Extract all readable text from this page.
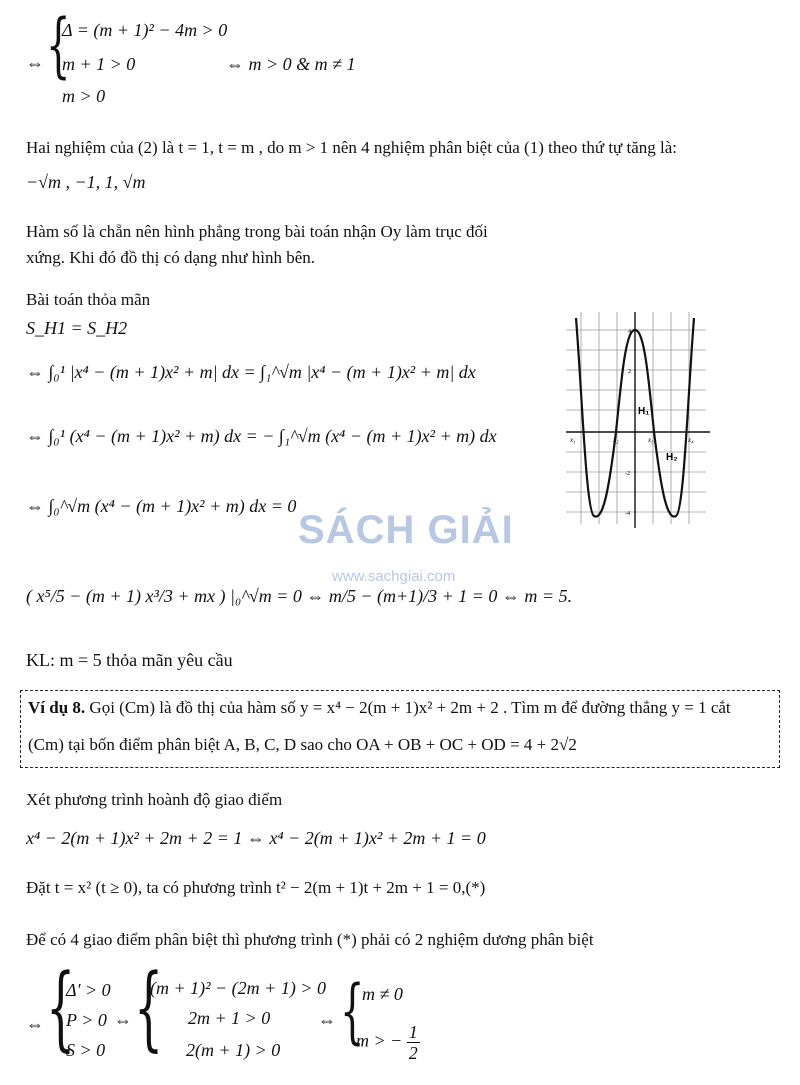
⇔ {
Δ = (m + 1)² − 4m > 0
m + 1 > 0
m > 0
⇔ m > 0 & m ≠ 1
Hai nghiệm của (2) là t = 1, t = m , do m > 1 nên 4 nghiệm phân biệt của (1) theo thứ tự tăng là:
−√m , −1, 1, √m
Hàm số là chẵn nên hình phẳng trong bài toán nhận Oy làm trục đối
xứng. Khi đó đồ thị có dạng như hình bên.
Bài toán thỏa mãn
S_H1 = S_H2
⇔ ∫₀¹ |x⁴ − (m + 1)x² + m| dx = ∫₁^√m |x⁴ − (m + 1)x² + m| dx
⇔ ∫₀¹ (x⁴ − (m + 1)x² + m) dx = − ∫₁^√m (x⁴ − (m + 1)x² + m) dx
⇔ ∫₀^√m (x⁴ − (m + 1)x² + m) dx = 0
( x⁵/5 − (m + 1) x³/3 + mx ) |₀^√m = 0 ⇔ m/5 − (m+1)/3 + 1 = 0 ⇔ m = 5.
KL: m = 5 thỏa mãn yêu cầu
H₁
H₂
x₁	x₂	x₃	x₄
4
2
-2
-4
SÁCH GIẢI
www.sachgiai.com
Ví dụ 8. Gọi (Cm) là đồ thị của hàm số y = x⁴ − 2(m + 1)x² + 2m + 2 . Tìm m để đường thẳng y = 1 cắt
(Cm) tại bốn điểm phân biệt A, B, C, D sao cho OA + OB + OC + OD = 4 + 2√2
Xét phương trình hoành độ giao điểm
x⁴ − 2(m + 1)x² + 2m + 2 = 1 ⇔ x⁴ − 2(m + 1)x² + 2m + 1 = 0
Đặt t = x² (t ≥ 0), ta có phương trình t² − 2(m + 1)t + 2m + 1 = 0,(*)
Để có 4 giao điểm phân biệt thì phương trình (*) phải có 2 nghiệm dương phân biệt
⇔ {
Δ′ > 0
P > 0
S > 0
⇔ {
(m + 1)² − (2m + 1) > 0
2m + 1 > 0
2(m + 1) > 0
⇔ {
m ≠ 0
m > − $\frac{1}{2}$
